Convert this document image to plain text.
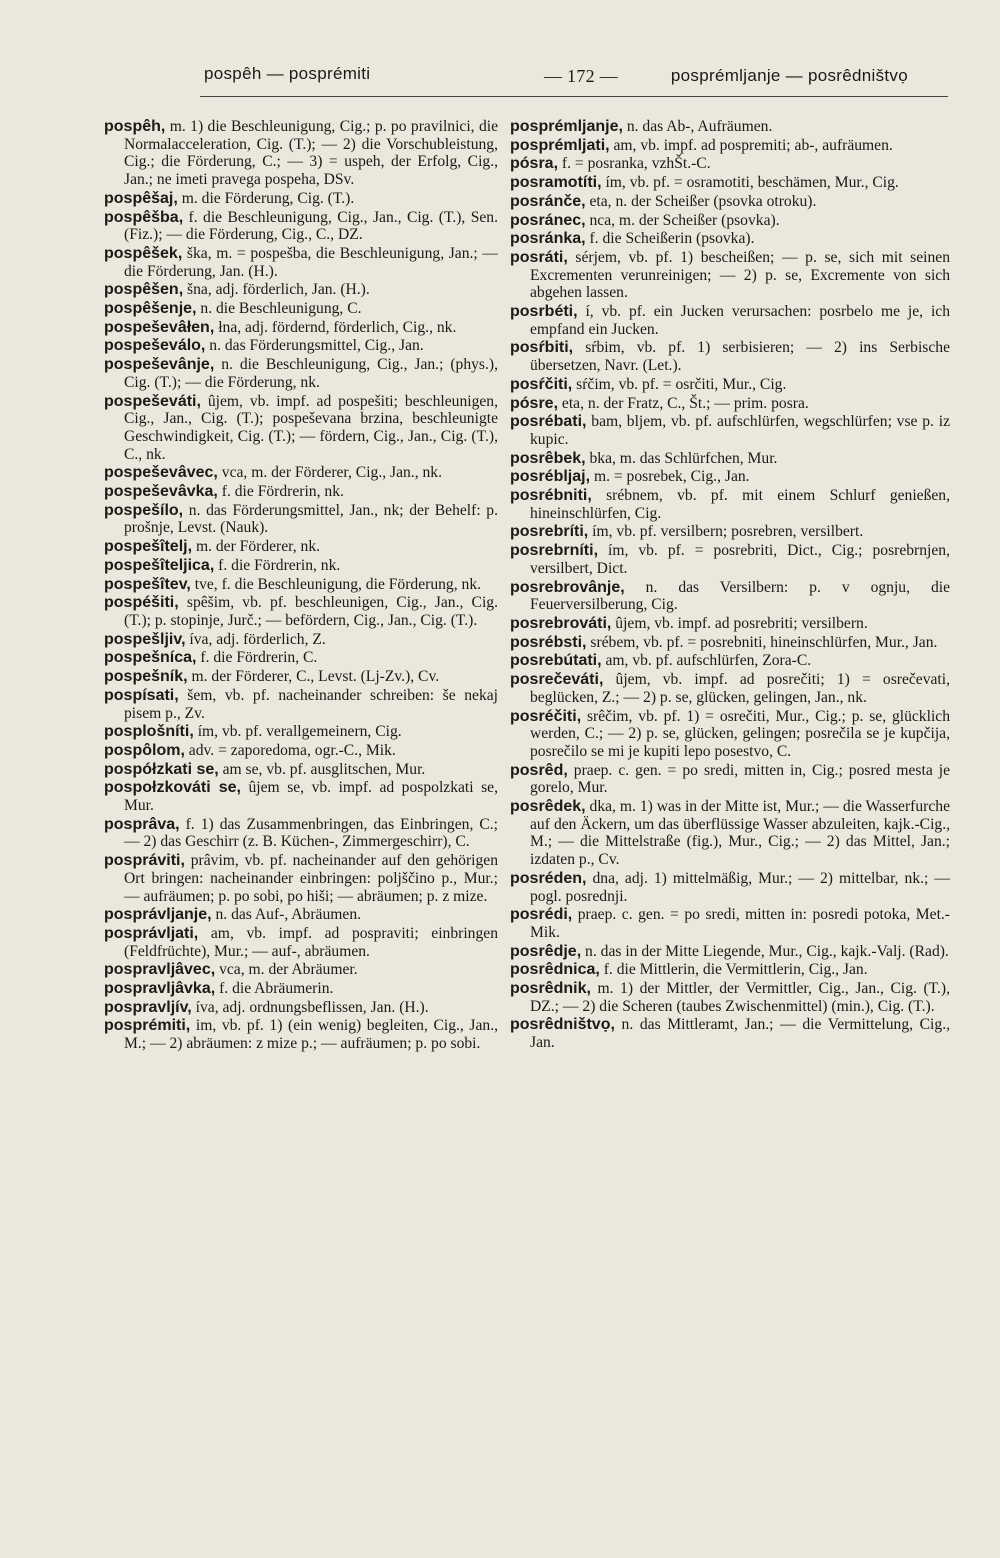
pospêh — posprémiti	— 172 —	posprémljanje — posrêdništvọ

pospêh, m. 1) die Beschleunigung, Cig.; p. po pravilnici, die Normalacceleration, Cig. (T.); — 2) die Vorschubleistung, Cig.; die Förderung, C.; — 3) = uspeh, der Erfolg, Cig., Jan.; ne imeti pravega pospeha, DSv.

pospêšaj, m. die Förderung, Cig. (T.).

pospêšba, f. die Beschleunigung, Cig., Jan., Cig. (T.), Sen. (Fiz.); — die Förderung, Cig., C., DZ.

pospêšek, ška, m. = pospešba, die Beschleunigung, Jan.; — die Förderung, Jan. (H.).

pospêšen, šna, adj. förderlich, Jan. (H.).

pospêšenje, n. die Beschleunigung, C.

pospeševâłen, łna, adj. fördernd, förderlich, Cig., nk.

pospeševálo, n. das Förderungsmittel, Cig., Jan.

pospeševânje, n. die Beschleunigung, Cig., Jan.; (phys.), Cig. (T.); — die Förderung, nk.

pospeševáti, ûjem, vb. impf. ad pospešiti; beschleunigen, Cig., Jan., Cig. (T.); pospeševana brzina, beschleunigte Geschwindigkeit, Cig. (T.); — fördern, Cig., Jan., Cig. (T.), C., nk.

pospeševâvec, vca, m. der Förderer, Cig., Jan., nk.

pospeševâvka, f. die Fördrerin, nk.

pospešílo, n. das Förderungsmittel, Jan., nk; der Behelf: p. prošnje, Levst. (Nauk).

pospešîtelj, m. der Förderer, nk.

pospešîteljica, f. die Fördrerin, nk.

pospešîtev, tve, f. die Beschleunigung, die Förderung, nk.

pospéšiti, spêšim, vb. pf. beschleunigen, Cig., Jan., Cig. (T.); p. stopinje, Jurč.; — befördern, Cig., Jan., Cig. (T.).

pospešljiv, íva, adj. förderlich, Z.

pospešníca, f. die Fördrerin, C.

pospešník, m. der Förderer, C., Levst. (Lj-Zv.), Cv.

pospísati, šem, vb. pf. nacheinander schreiben: še nekaj pisem p., Zv.

posplošníti, ím, vb. pf. verallgemeinern, Cig.

pospôlom, adv. = zaporedoma, ogr.-C., Mik.

pospółzkati se, am se, vb. pf. ausglitschen, Mur.

pospołzkováti se, ûjem se, vb. impf. ad pospolzkati se, Mur.

posprâva, f. 1) das Zusammenbringen, das Einbringen, C.; — 2) das Geschirr (z. B. Küchen-, Zimmergeschirr), C.

pospráviti, prâvim, vb. pf. nacheinander auf den gehörigen Ort bringen: nacheinander einbringen: poljščino p., Mur.; — aufräumen; p. po sobi, po hiši; — abräumen; p. z mize.

posprávljanje, n. das Auf-, Abräumen.

posprávljati, am, vb. impf. ad pospraviti; einbringen (Feldfrüchte), Mur.; — auf-, abräumen.

pospravljâvec, vca, m. der Abräumer.

pospravljâvka, f. die Abräumerin.

pospravljív, íva, adj. ordnungsbeflissen, Jan. (H.).

posprémiti, im, vb. pf. 1) (ein wenig) begleiten, Cig., Jan., M.; — 2) abräumen: z mize p.; — aufräumen; p. po sobi.

posprémljanje, n. das Ab-, Aufräumen.

posprémljati, am, vb. impf. ad pospremiti; ab-, aufräumen.

pósra, f. = posranka, vzhŠt.-C.

posramotíti, ím, vb. pf. = osramotiti, beschämen, Mur., Cig.

posránče, eta, n. der Scheißer (psovka otroku).

posránec, nca, m. der Scheißer (psovka).

posránka, f. die Scheißerin (psovka).

posráti, sérjem, vb. pf. 1) bescheißen; — p. se, sich mit seinen Excrementen verunreinigen; — 2) p. se, Excremente von sich abgehen lassen.

posrbéti, í, vb. pf. ein Jucken verursachen: posrbelo me je, ich empfand ein Jucken.

posŕbiti, sŕbim, vb. pf. 1) serbisieren; — 2) ins Serbische übersetzen, Navr. (Let.).

posŕčiti, sŕčim, vb. pf. = osrčiti, Mur., Cig.

pósre, eta, n. der Fratz, C., Št.; — prim. posra.

posrébati, bam, bljem, vb. pf. aufschlürfen, wegschlürfen; vse p. iz kupic.

posrêbek, bka, m. das Schlürfchen, Mur.

posrébljaj, m. = posrebek, Cig., Jan.

posrébniti, srébnem, vb. pf. mit einem Schlurf genießen, hineinschlürfen, Cig.

posrebríti, ím, vb. pf. versilbern; posrebren, versilbert.

posrebrníti, ím, vb. pf. = posrebriti, Dict., Cig.; posrebrnjen, versilbert, Dict.

posrebrovânje, n. das Versilbern: p. v ognju, die Feuerversilberung, Cig.

posrebrováti, ûjem, vb. impf. ad posrebriti; versilbern.

posrébsti, srébem, vb. pf. = posrebniti, hineinschlürfen, Mur., Jan.

posrebútati, am, vb. pf. aufschlürfen, Zora-C.

posrečeváti, ûjem, vb. impf. ad posrečiti; 1) = osrečevati, beglücken, Z.; — 2) p. se, glücken, gelingen, Jan., nk.

posréčiti, srêčim, vb. pf. 1) = osrečiti, Mur., Cig.; p. se, glücklich werden, C.; — 2) p. se, glücken, gelingen; posrečila se je kupčija, posrečilo se mi je kupiti lepo posestvo, C.

posrêd, praep. c. gen. = po sredi, mitten in, Cig.; posred mesta je gorelo, Mur.

posrêdek, dka, m. 1) was in der Mitte ist, Mur.; — die Wasserfurche auf den Äckern, um das überflüssige Wasser abzuleiten, kajk.-Cig., M.; — die Mittelstraße (fig.), Mur., Cig.; — 2) das Mittel, Jan.; izdaten p., Cv.

posréden, dna, adj. 1) mittelmäßig, Mur.; — 2) mittelbar, nk.; — pogl. posrednji.

posrédi, praep. c. gen. = po sredi, mitten in: posredi potoka, Met.-Mik.

posrêdje, n. das in der Mitte Liegende, Mur., Cig., kajk.-Valj. (Rad).

posrêdnica, f. die Mittlerin, die Vermittlerin, Cig., Jan.

posrêdnik, m. 1) der Mittler, der Vermittler, Cig., Jan., Cig. (T.), DZ.; — 2) die Scheren (taubes Zwischenmittel) (min.), Cig. (T.).

posrêdništvọ, n. das Mittleramt, Jan.; — die Vermittelung, Cig., Jan.
